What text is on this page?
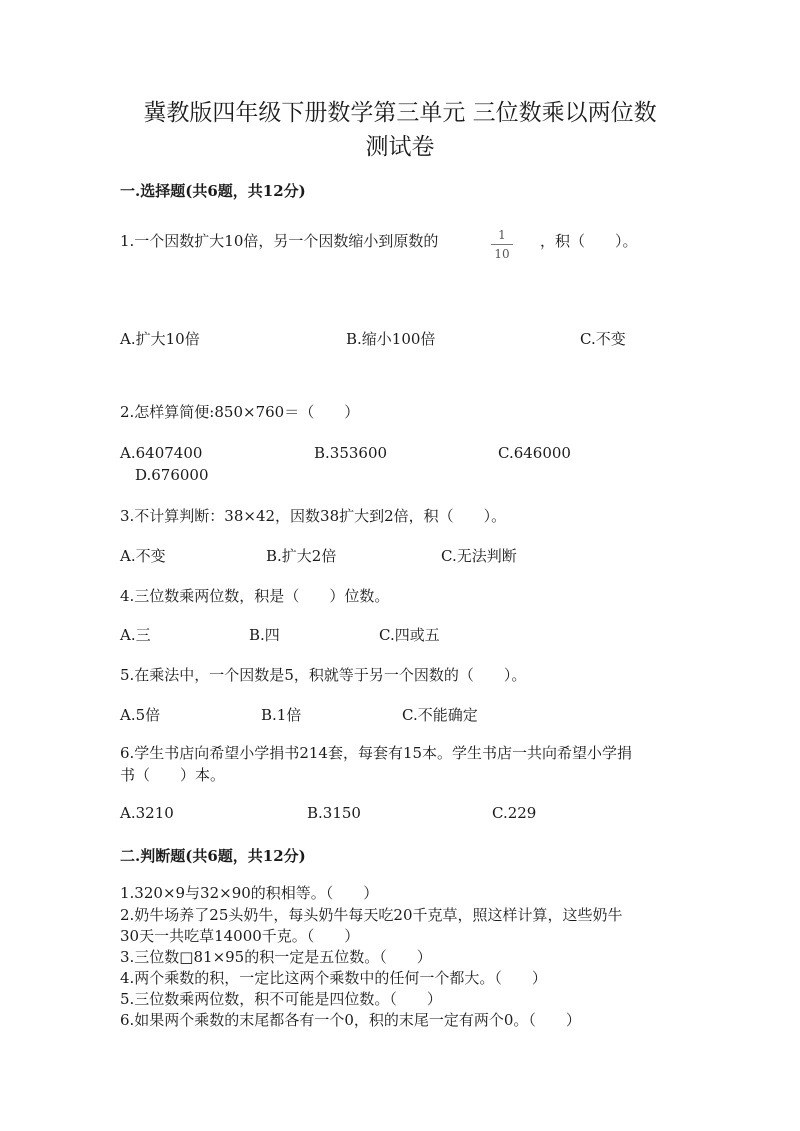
冀教版四年级下册数学第三单元 三位数乘以两位数
测试卷
一.选择题(共6题，共12分)
1.一个因数扩大10倍，另一个因数缩小到原数的	1
10
，积（　　）。
A.扩大10倍	B.缩小100倍	C.不变
2.怎样算简便:850×760＝（　　）
A.6407400	B.353600	C.646000
D.676000
3.不计算判断：38×42，因数38扩大到2倍，积（　　）。
A.不变	B.扩大2倍	C.无法判断
4.三位数乘两位数，积是（　　）位数。
A.三	B.四	C.四或五
5.在乘法中，一个因数是5，积就等于另一个因数的（　　）。
A.5倍	B.1倍	C.不能确定
6.学生书店向希望小学捐书214套，每套有15本。学生书店一共向希望小学捐
书（　　）本。
A.3210	B.3150	C.229
二.判断题(共6题，共12分)
1.320×9与32×90的积相等。（　　）
2.奶牛场养了25头奶牛，每头奶牛每天吃20千克草，照这样计算，这些奶牛
30天一共吃草14000千克。（　　）
3.三位数□81×95的积一定是五位数。（　　）
4.两个乘数的积，一定比这两个乘数中的任何一个都大。（　　）
5.三位数乘两位数，积不可能是四位数。（　　）
6.如果两个乘数的末尾都各有一个0，积的末尾一定有两个0。（　　）
